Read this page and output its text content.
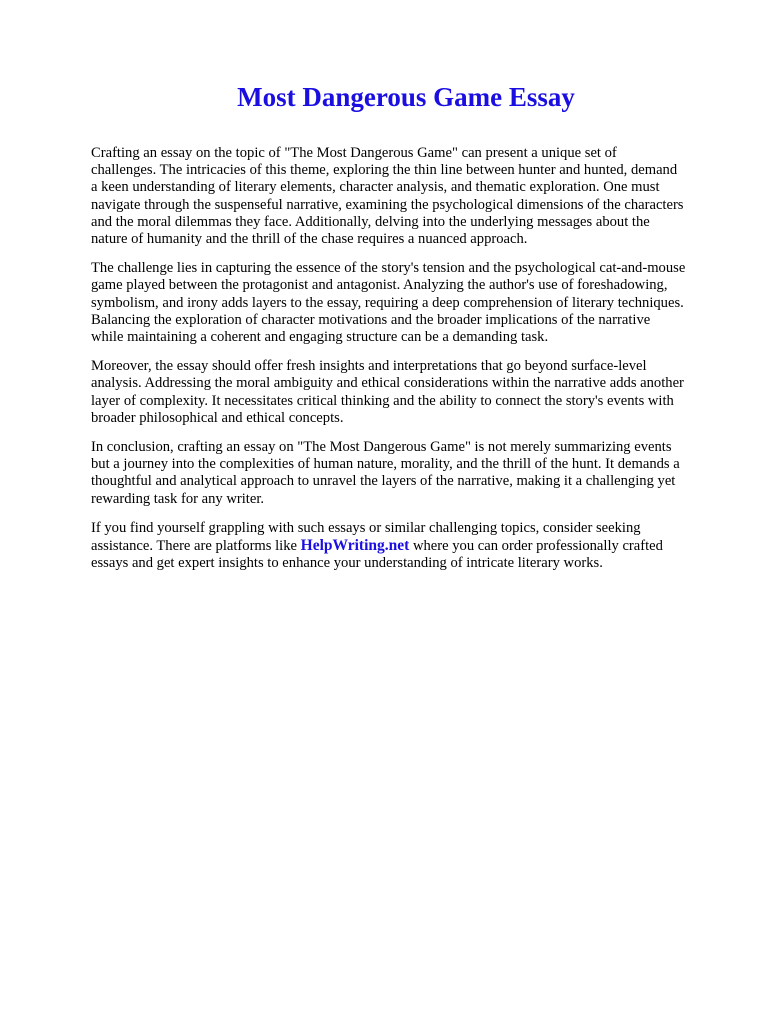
Most Dangerous Game Essay

Crafting an essay on the topic of "The Most Dangerous Game" can present a unique set of
challenges. The intricacies of this theme, exploring the thin line between hunter and hunted, demand
a keen understanding of literary elements, character analysis, and thematic exploration. One must
navigate through the suspenseful narrative, examining the psychological dimensions of the characters
and the moral dilemmas they face. Additionally, delving into the underlying messages about the
nature of humanity and the thrill of the chase requires a nuanced approach.

The challenge lies in capturing the essence of the story's tension and the psychological cat-and-mouse
game played between the protagonist and antagonist. Analyzing the author's use of foreshadowing,
symbolism, and irony adds layers to the essay, requiring a deep comprehension of literary techniques.
Balancing the exploration of character motivations and the broader implications of the narrative
while maintaining a coherent and engaging structure can be a demanding task.

Moreover, the essay should offer fresh insights and interpretations that go beyond surface-level
analysis. Addressing the moral ambiguity and ethical considerations within the narrative adds another
layer of complexity. It necessitates critical thinking and the ability to connect the story's events with
broader philosophical and ethical concepts.

In conclusion, crafting an essay on "The Most Dangerous Game" is not merely summarizing events
but a journey into the complexities of human nature, morality, and the thrill of the hunt. It demands a
thoughtful and analytical approach to unravel the layers of the narrative, making it a challenging yet
rewarding task for any writer.

If you find yourself grappling with such essays or similar challenging topics, consider seeking
assistance. There are platforms like HelpWriting.net where you can order professionally crafted
essays and get expert insights to enhance your understanding of intricate literary works.
